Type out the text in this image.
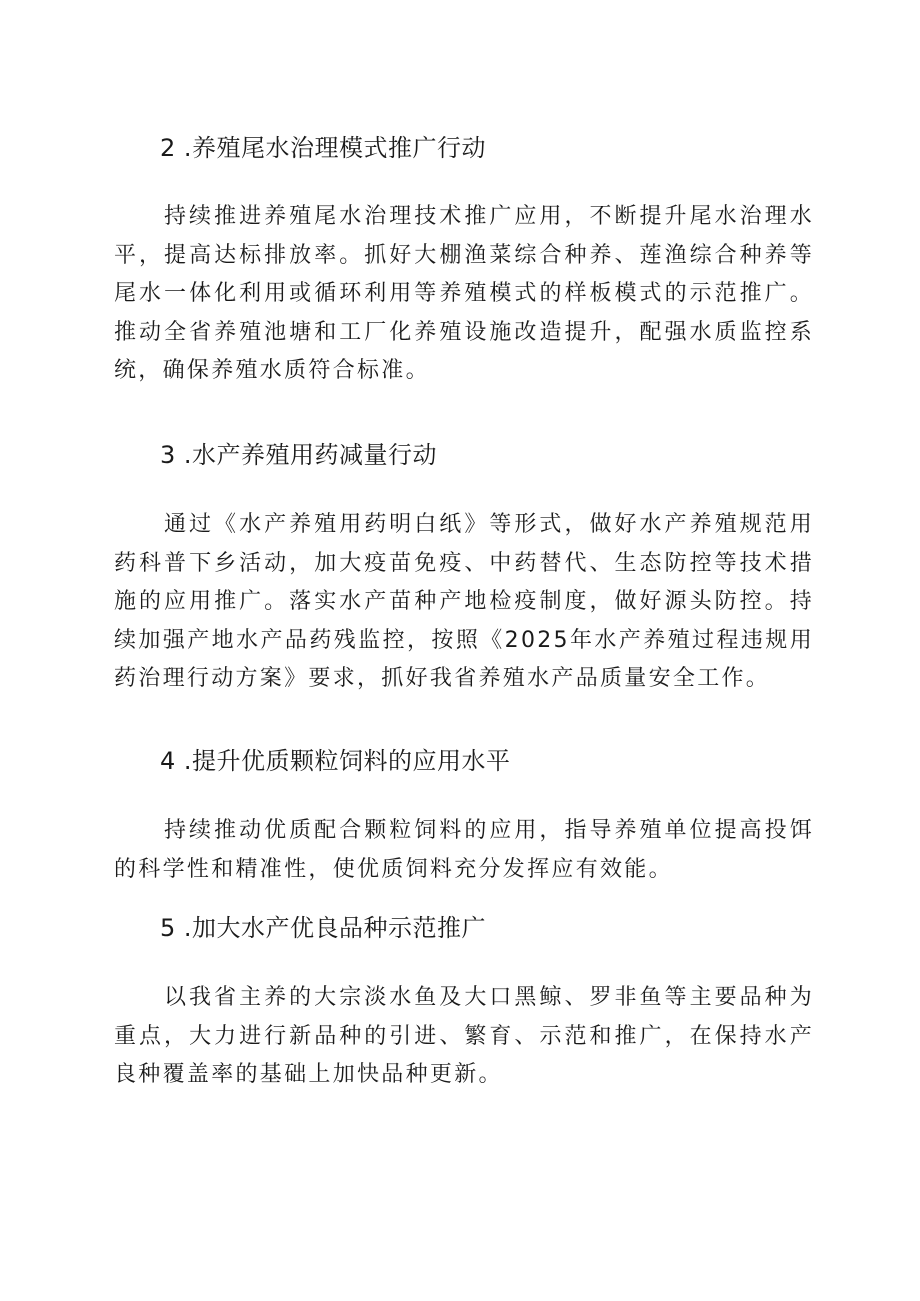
2 .养殖尾水治理模式推广行动
持续推进养殖尾水治理技术推广应用，不断提升尾水治理水平，提高达标排放率。抓好大棚渔菜综合种养、莲渔综合种养等尾水一体化利用或循环利用等养殖模式的样板模式的示范推广。推动全省养殖池塘和工厂化养殖设施改造提升，配强水质监控系统，确保养殖水质符合标准。
3 .水产养殖用药减量行动
通过《水产养殖用药明白纸》等形式，做好水产养殖规范用药科普下乡活动，加大疫苗免疫、中药替代、生态防控等技术措施的应用推广。落实水产苗种产地检疫制度，做好源头防控。持续加强产地水产品药残监控，按照《2025年水产养殖过程违规用药治理行动方案》要求，抓好我省养殖水产品质量安全工作。
4 .提升优质颗粒饲料的应用水平
持续推动优质配合颗粒饲料的应用，指导养殖单位提高投饵的科学性和精准性，使优质饲料充分发挥应有效能。
5 .加大水产优良品种示范推广
以我省主养的大宗淡水鱼及大口黑鲸、罗非鱼等主要品种为重点，大力进行新品种的引进、繁育、示范和推广，在保持水产良种覆盖率的基础上加快品种更新。
